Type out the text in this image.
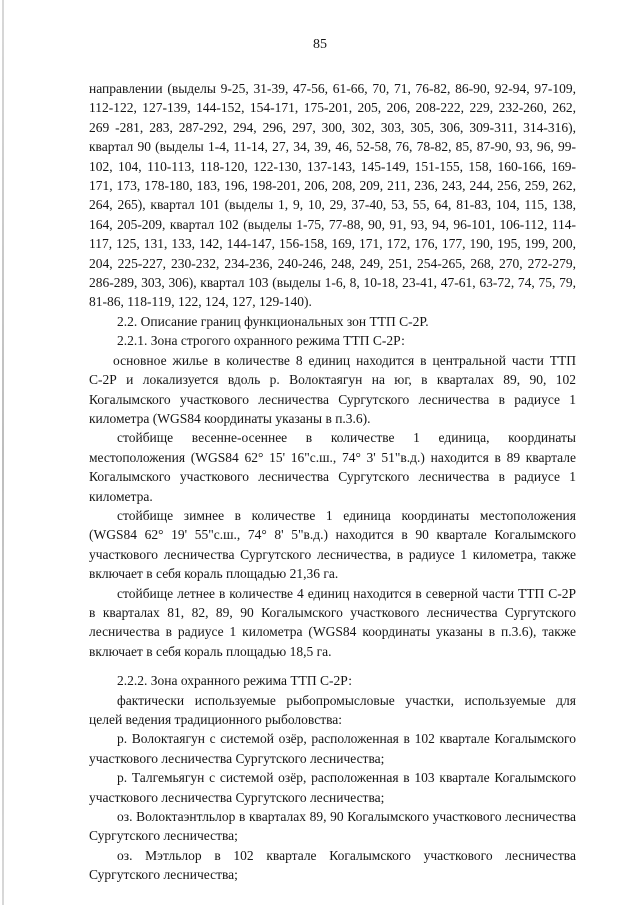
85

направлении (выделы 9-25, 31-39, 47-56, 61-66, 70, 71, 76-82, 86-90, 92-94, 97-109, 112-122, 127-139, 144-152, 154-171, 175-201, 205, 206, 208-222, 229, 232-260, 262, 269 -281, 283, 287-292, 294, 296, 297, 300, 302, 303, 305, 306, 309-311, 314-316), квартал 90 (выделы 1-4, 11-14, 27, 34, 39, 46, 52-58, 76, 78-82, 85, 87-90, 93, 96, 99-102, 104, 110-113, 118-120, 122-130, 137-143, 145-149, 151-155, 158, 160-166, 169-171, 173, 178-180, 183, 196, 198-201, 206, 208, 209, 211, 236, 243, 244, 256, 259, 262, 264, 265), квартал 101 (выделы 1, 9, 10, 29, 37-40, 53, 55, 64, 81-83, 104, 115, 138, 164, 205-209, квартал 102 (выделы 1-75, 77-88, 90, 91, 93, 94, 96-101, 106-112, 114-117, 125, 131, 133, 142, 144-147, 156-158, 169, 171, 172, 176, 177, 190, 195, 199, 200, 204, 225-227, 230-232, 234-236, 240-246, 248, 249, 251, 254-265, 268, 270, 272-279, 286-289, 303, 306), квартал 103 (выделы 1-6, 8, 10-18, 23-41, 47-61, 63-72, 74, 75, 79, 81-86, 118-119, 122, 124, 127, 129-140).

2.2. Описание границ функциональных зон ТТП С-2Р.

2.2.1. Зона строгого охранного режима ТТП С-2Р:

основное жилье в количестве 8 единиц находится в центральной части ТТП С-2Р и локализуется вдоль р. Волоктаягун на юг, в кварталах 89, 90, 102 Когалымского участкового лесничества Сургутского лесничества в радиусе 1 километра (WGS84 координаты указаны в п.3.6).

стойбище весенне-осеннее в количестве 1 единица, координаты местоположения (WGS84 62° 15' 16"с.ш., 74° 3' 51"в.д.) находится в 89 квартале Когалымского участкового лесничества Сургутского лесничества в радиусе 1 километра.

стойбище зимнее в количестве 1 единица координаты местоположения (WGS84 62° 19' 55"с.ш., 74° 8' 5"в.д.) находится в 90 квартале Когалымского участкового лесничества Сургутского лесничества, в радиусе 1 километра, также включает в себя кораль площадью 21,36 га.

стойбище летнее в количестве 4 единиц находится в северной части ТТП С-2Р в кварталах 81, 82, 89, 90 Когалымского участкового лесничества Сургутского лесничества в радиусе 1 километра (WGS84 координаты указаны в п.3.6), также включает в себя кораль площадью 18,5 га.

2.2.2. Зона охранного режима ТТП С-2Р:

фактически используемые рыбопромысловые участки, используемые для целей ведения традиционного рыболовства:

р. Волоктаягун с системой озёр, расположенная в 102 квартале Когалымского участкового лесничества Сургутского лесничества;

р. Талгемьягун с системой озёр, расположенная в 103 квартале Когалымского участкового лесничества Сургутского лесничества;

оз. Волоктаэнтльлор в кварталах 89, 90 Когалымского участкового лесничества Сургутского лесничества;

оз. Мэтльлор в 102 квартале Когалымского участкового лесничества Сургутского лесничества;
